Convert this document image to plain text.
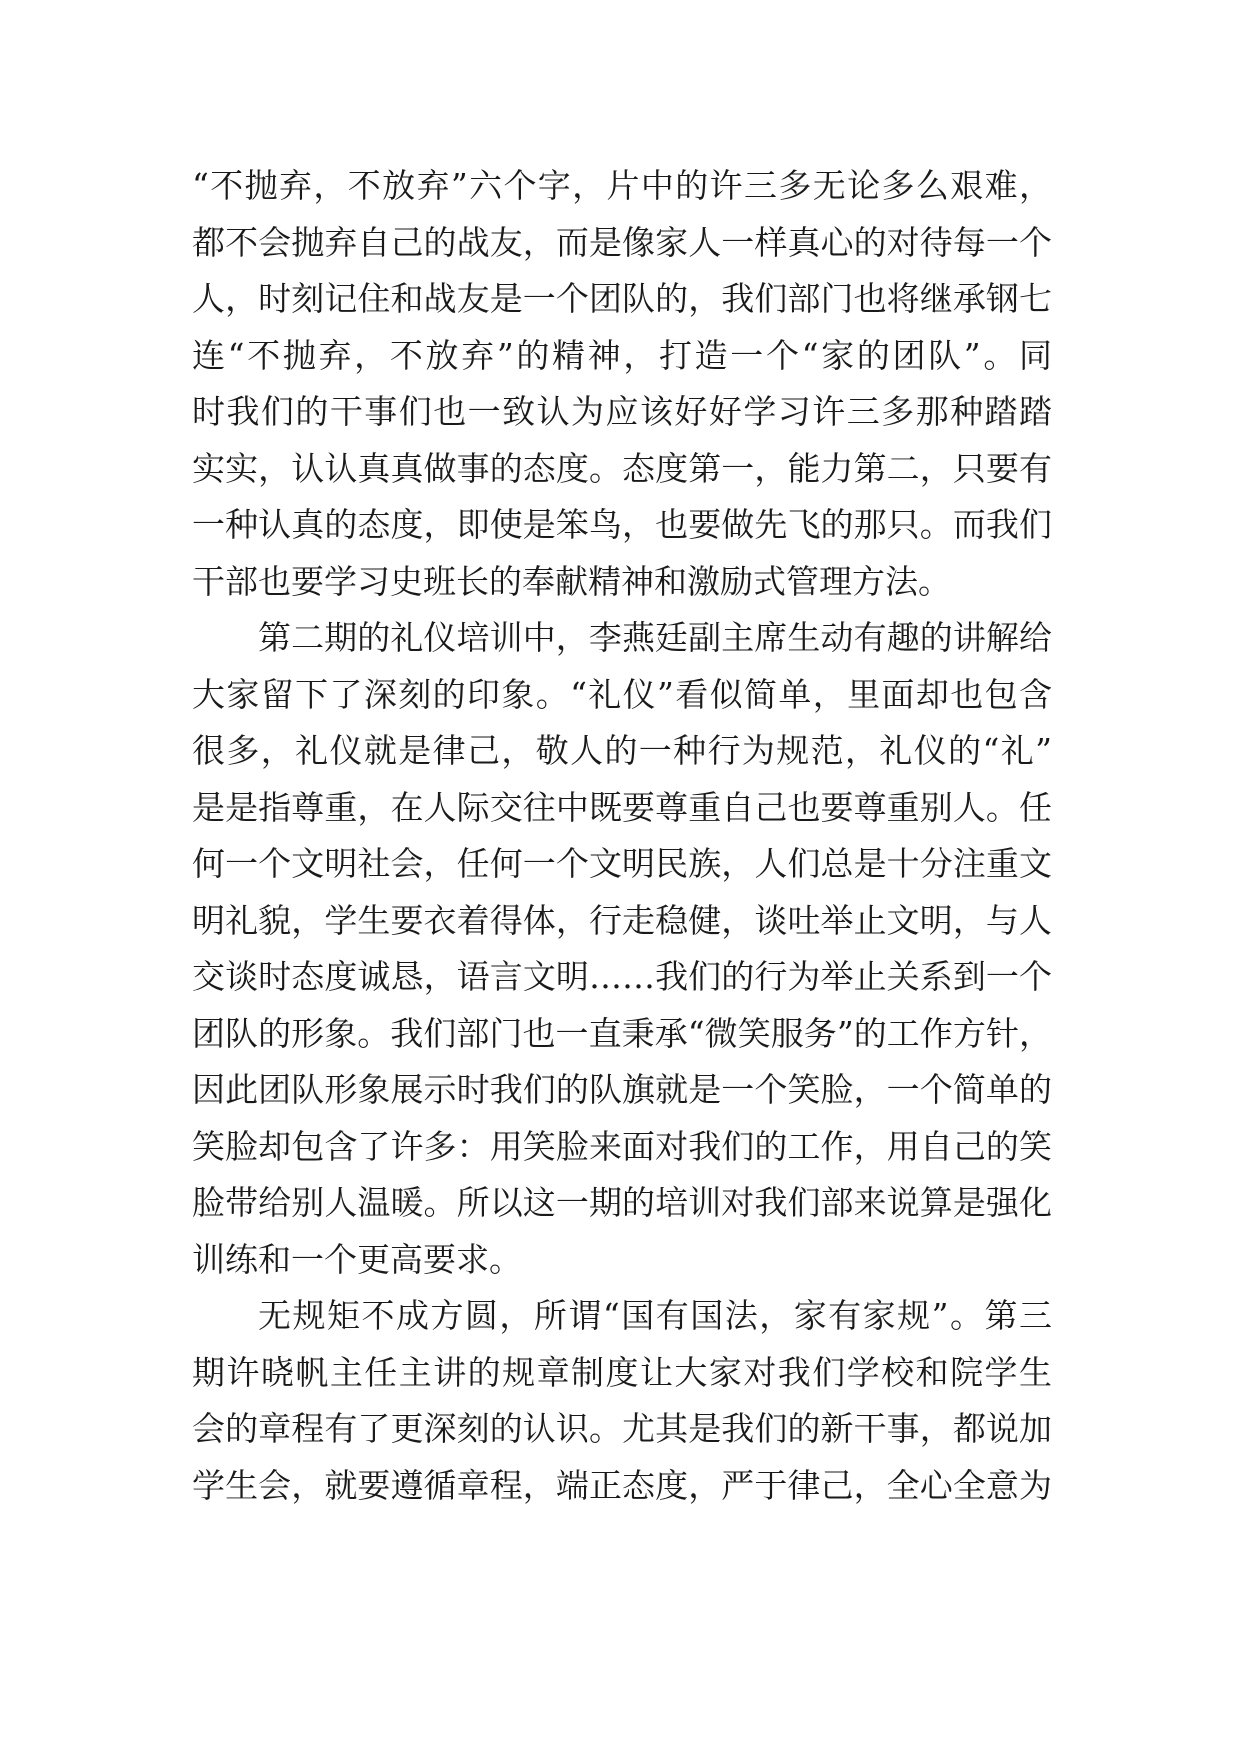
“不抛弃，不放弃”六个字，片中的许三多无论多么艰难，
都不会抛弃自己的战友，而是像家人一样真心的对待每一个
人，时刻记住和战友是一个团队的，我们部门也将继承钢七
连“不抛弃，不放弃”的精神，打造一个“家的团队”。同
时我们的干事们也一致认为应该好好学习许三多那种踏踏
实实，认认真真做事的态度。态度第一，能力第二，只要有
一种认真的态度，即使是笨鸟，也要做先飞的那只。而我们
干部也要学习史班长的奉献精神和激励式管理方法。
第二期的礼仪培训中，李燕廷副主席生动有趣的讲解给
大家留下了深刻的印象。“礼仪”看似简单，里面却也包含
很多，礼仪就是律己，敬人的一种行为规范，礼仪的“礼”
是是指尊重，在人际交往中既要尊重自己也要尊重别人。任
何一个文明社会，任何一个文明民族，人们总是十分注重文
明礼貌，学生要衣着得体，行走稳健，谈吐举止文明，与人
交谈时态度诚恳，语言文明……我们的行为举止关系到一个
团队的形象。我们部门也一直秉承“微笑服务”的工作方针，
因此团队形象展示时我们的队旗就是一个笑脸，一个简单的
笑脸却包含了许多：用笑脸来面对我们的工作，用自己的笑
脸带给别人温暖。所以这一期的培训对我们部来说算是强化
训练和一个更高要求。
无规矩不成方圆，所谓“国有国法，家有家规”。第三
期许晓帆主任主讲的规章制度让大家对我们学校和院学生
会的章程有了更深刻的认识。尤其是我们的新干事，都说加
学生会，就要遵循章程，端正态度，严于律己，全心全意为
